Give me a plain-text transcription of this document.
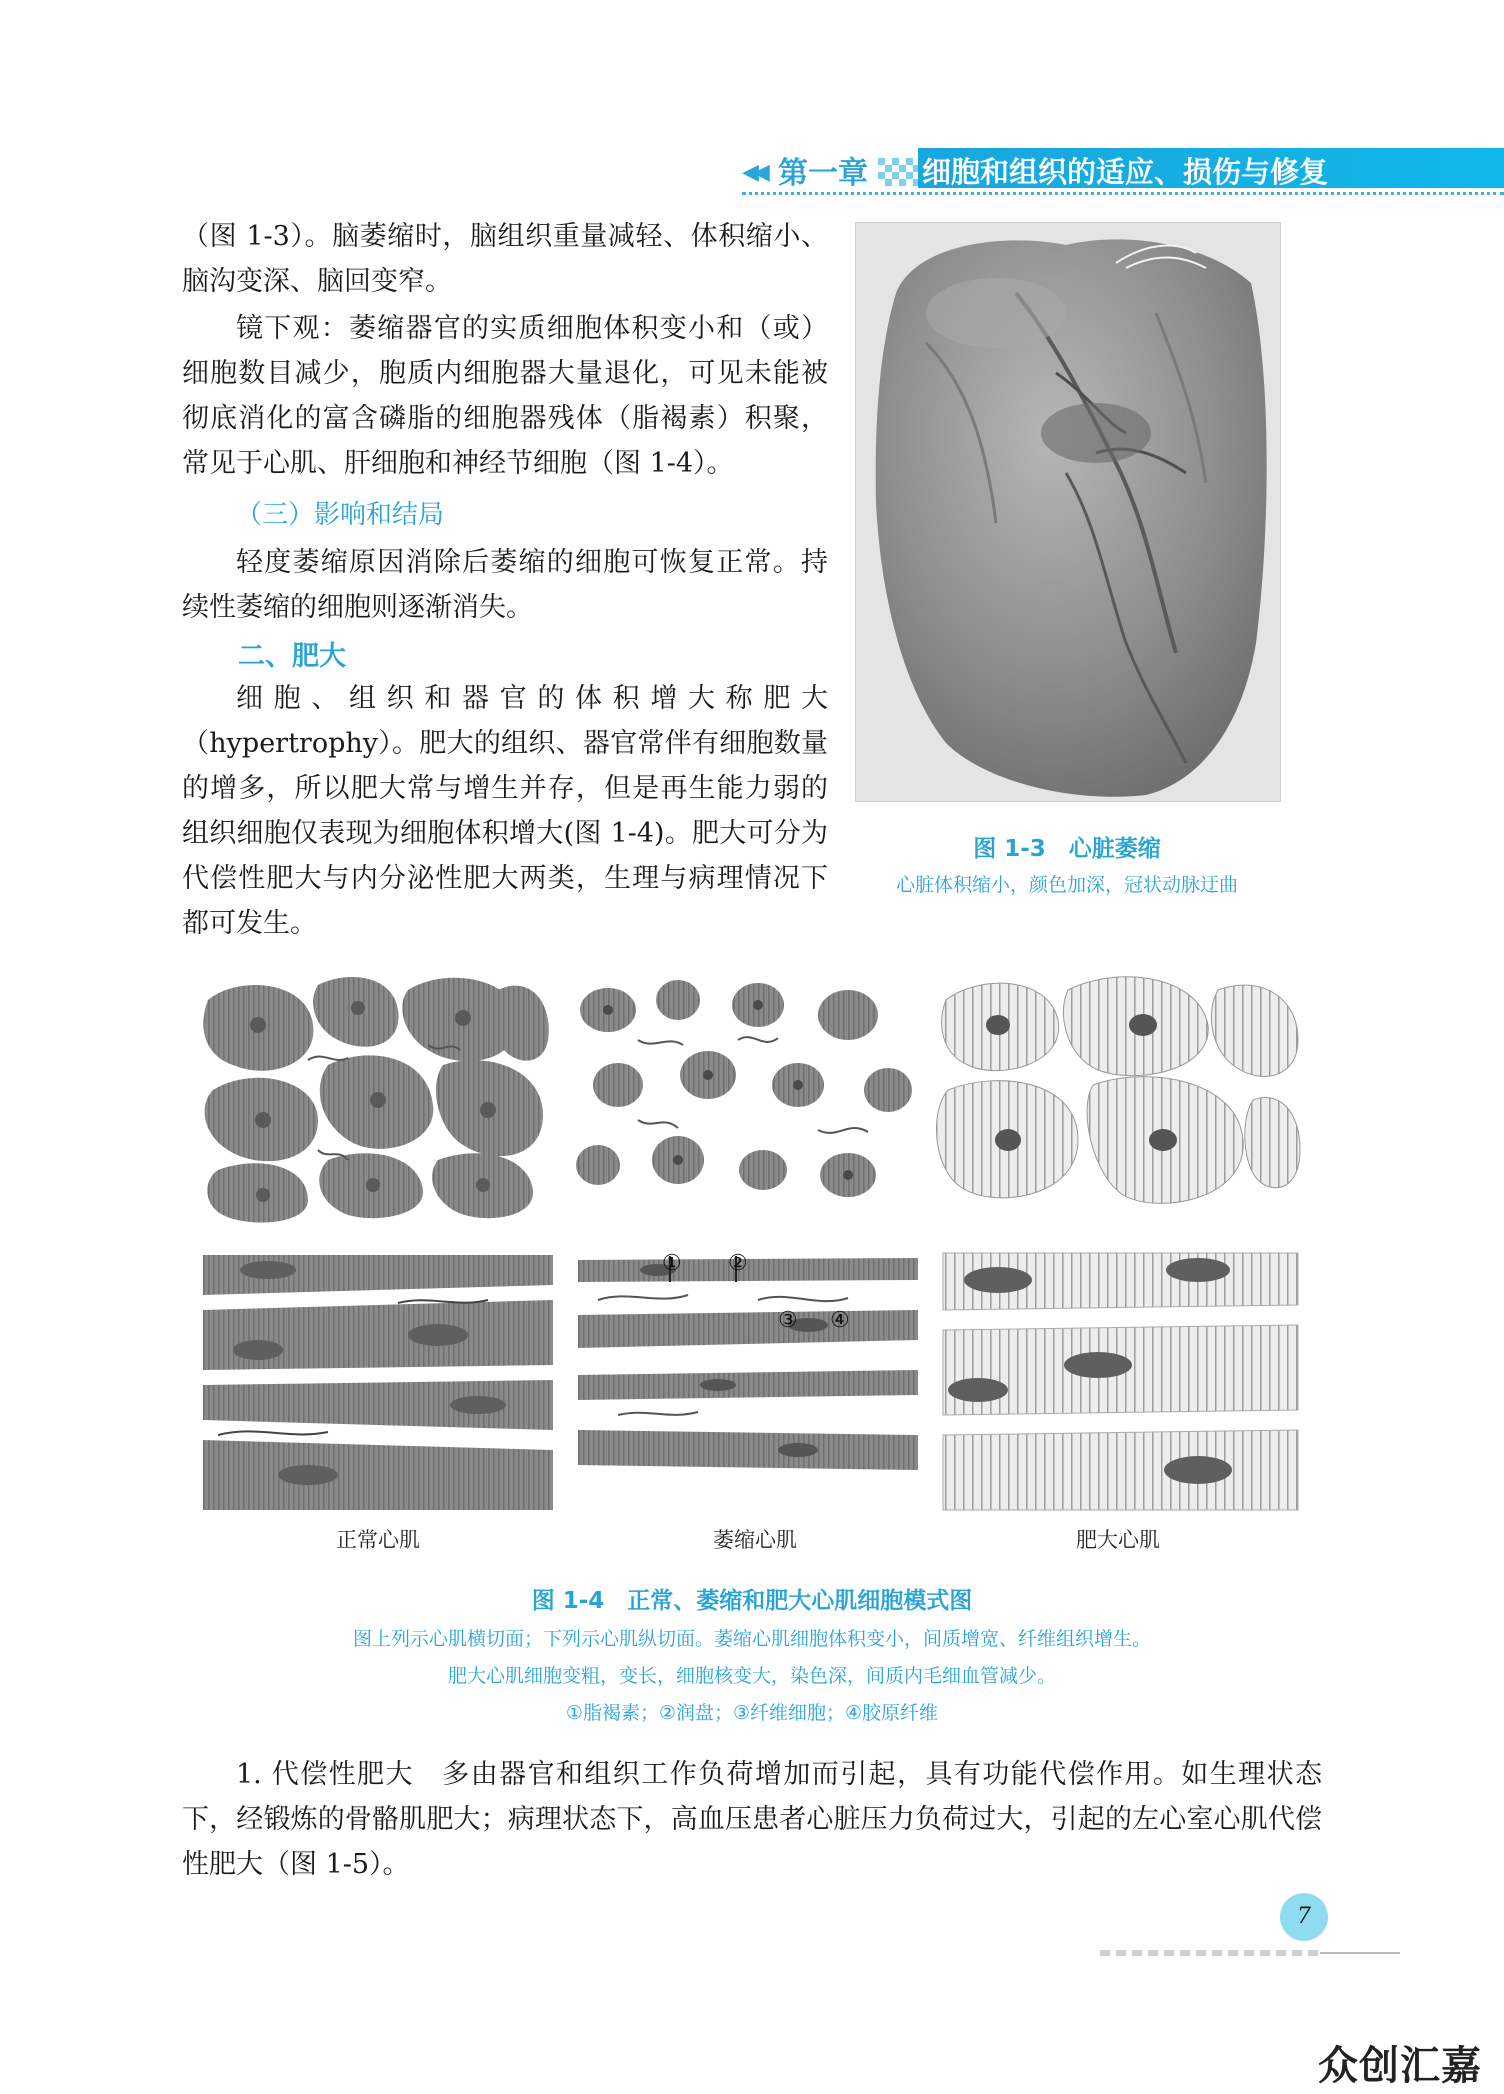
◀◀ 第一章 细胞和组织的适应、损伤与修复

（图 1-3）。脑萎缩时，脑组织重量减轻、体积缩小、脑沟变深、脑回变窄。

镜下观：萎缩器官的实质细胞体积变小和（或）细胞数目减少，胞质内细胞器大量退化，可见未能被彻底消化的富含磷脂的细胞器残体（脂褐素）积聚，常见于心肌、肝细胞和神经节细胞（图 1-4）。

（三）影响和结局
轻度萎缩原因消除后萎缩的细胞可恢复正常。持续性萎缩的细胞则逐渐消失。
二、肥大
细胞、组织和器官的体积增大称肥大（hypertrophy）。肥大的组织、器官常伴有细胞数量的增多，所以肥大常与增生并存，但是再生能力弱的组织细胞仅表现为细胞体积增大(图 1-4)。肥大可分为代偿性肥大与内分泌性肥大两类，生理与病理情况下都可发生。
图 1-3　心脏萎缩
心脏体积缩小，颜色加深，冠状动脉迂曲
① ②
③ ④
正常心肌	萎缩心肌	肥大心肌
图 1-4　正常、萎缩和肥大心肌细胞模式图
图上列示心肌横切面；下列示心肌纵切面。萎缩心肌细胞体积变小，间质增宽、纤维组织增生。
肥大心肌细胞变粗，变长，细胞核变大，染色深，间质内毛细血管减少。
①脂褐素；②润盘；③纤维细胞；④胶原纤维
1. 代偿性肥大　多由器官和组织工作负荷增加而引起，具有功能代偿作用。如生理状态下，经锻炼的骨骼肌肥大；病理状态下，高血压患者心脏压力负荷过大，引起的左心室心肌代偿性肥大（图 1-5）。
7
众创汇嘉
